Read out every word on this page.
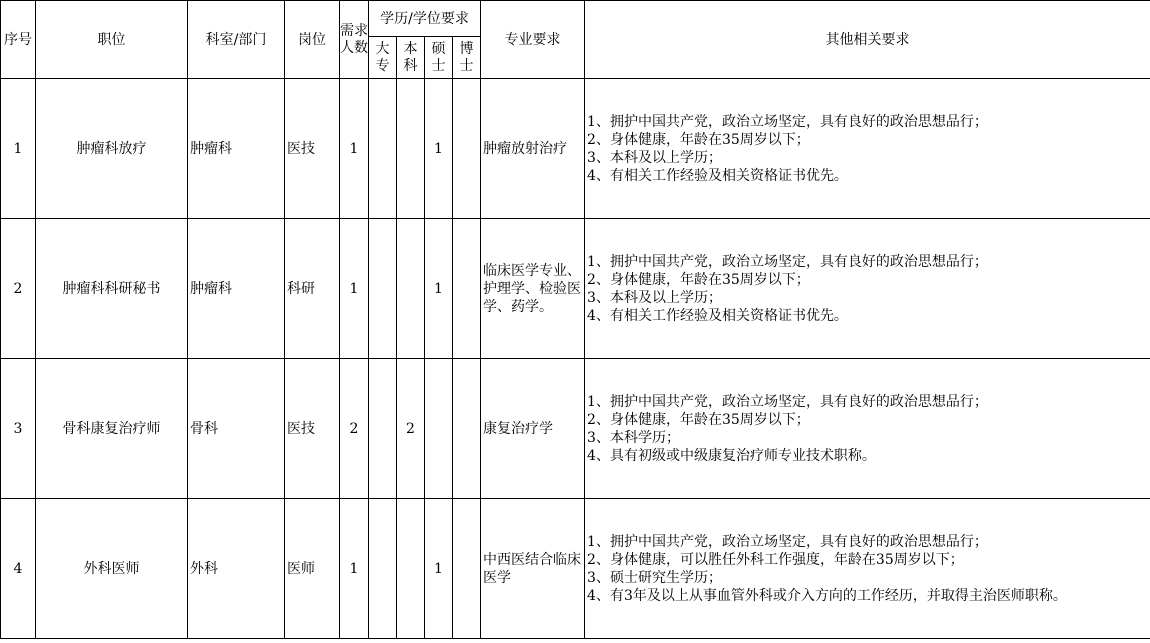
序号	职位	科室/部门	岗位	需求人数	学历/学位要求				专业要求	其他相关要求

					大专	本科	硕士	博士		

1	肿瘤科放疗	肿瘤科	医技	1			1		肿瘤放射治疗	1、拥护中国共产党，政治立场坚定，具有良好的政治思想品行；

2、身体健康，年龄在35周岁以下；

3、本科及以上学历；

4、有相关工作经验及相关资格证书优先。

2	肿瘤科科研秘书	肿瘤科	科研	1			1		临床医学专业、护理学、检验医学、药学。	1、拥护中国共产党，政治立场坚定，具有良好的政治思想品行；

2、身体健康，年龄在35周岁以下；

3、本科及以上学历；

4、有相关工作经验及相关资格证书优先。

3	骨科康复治疗师	骨科	医技	2		2			康复治疗学	1、拥护中国共产党，政治立场坚定，具有良好的政治思想品行；

2、身体健康，年龄在35周岁以下；

3、本科学历；

4、具有初级或中级康复治疗师专业技术职称。

4	外科医师	外科	医师	1			1		中西医结合临床医学	1、拥护中国共产党，政治立场坚定，具有良好的政治思想品行；

2、身体健康，可以胜任外科工作强度，年龄在35周岁以下；

3、硕士研究生学历；

4、有3年及以上从事血管外科或介入方向的工作经历，并取得主治医师职称。
